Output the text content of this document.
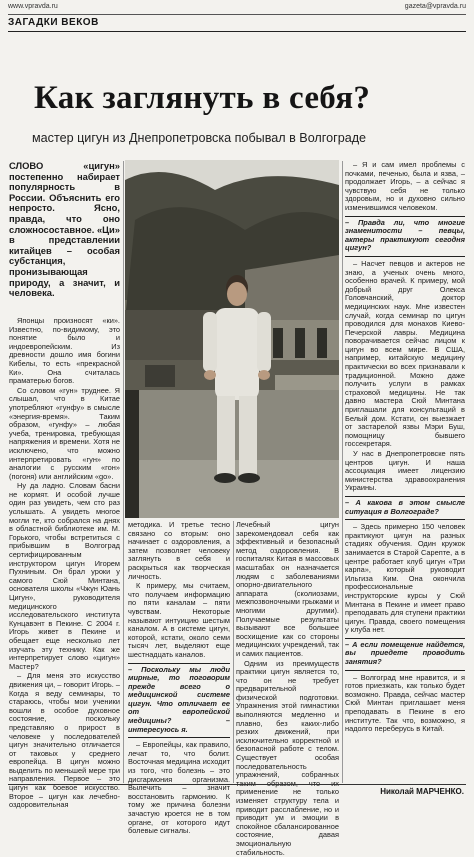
www.vpravda.ru	gazeta@vpravda.ru
ЗАГАДКИ ВЕКОВ
Как заглянуть в себя?
мастер цигун из Днепропетровска побывал в Волгограде

СЛОВО «цигун» постепенно набирает популярность в России. Объяснить его непросто. Ясно, правда, что оно сложносоставное. «Ци» в представлении китайцев – особая субстанция, пронизывающая природу, а значит, и человека.

Японцы произносят «ки». Известно, по-видимому, это понятие было и индоевропейским. Из древности дошло имя богини Кибелы, то есть «прекрасной Ки». Она считалась праматерью богов.

Со словом «гун» труднее. Я слышал, что в Китае употребляют «гунфу» в смысле «энергия-время». Таким образом, «гунфу» – любая учеба, тренировка, требующая напряжения и времени. Хотя не исключено, что можно интерпретировать «гун» по аналогии с русским «гон» (погоня) или английским «go».

Ну да ладно. Словам басни не кормят. И особой лучше один раз увидеть, чем сто раз услышать. А увидеть многое могли те, кто собрался на днях в областной библиотеке им. М. Горького, чтобы встретиться с прибывшим в Волгоград сертифицированным инструктором цигун Игорем Пухниным. Он брал уроки у самого Сюй Минтана, основателя школы «Чжун Юань Цигун», руководителя медицинского исследовательского института Кунцавэнт в Пекине. С 2004 г. Игорь живет в Пекине и обещает еще несколько лет изучать эту технику. Как же интерпретирует слово «цигун» Мастер?

– Для меня это искусство движения ци, – говорит Игорь. – Когда я веду семинары, то стараюсь, чтобы мои ученики вошли в особое духовное состояние, поскольку представляю о прирост в человеке у последователей цигун значительно отличается от таковых у среднего европейца. В цигун можно выделить по меньшей мере три направления. Первое – это цигун как боевое искусство. Второе – цигун как лечебно-оздоровительная

методика. И третье тесно связано со вторым: оно начинает с оздоровления, а затем позволяет человеку заглянуть в себя и раскрыться как творческая личность.

К примеру, мы считаем, что получаем информацию по пяти каналам – пяти чувствам. Некоторые называют интуицию шестым каналом. А в системе цигун, которой, кстати, около семи тысяч лет, выделяют еще шестнадцать каналов.

– Поскольку мы люди мирные, то поговорим прежде всего о медицинской системе цигун. Что отличает ее от европейской медицины? – интересуюсь я.

– Европейцы, как правило, лечат то, что болит. Восточная медицина исходит из того, что болезнь – это дисгармония организма. Вылечить – значит восстановить гармонию. К тому же причина болезни зачастую кроется не в том органе, от которого идут болевые сигналы.

Лечебный цигун зарекомендовал себя как эффективный и безопасный метод оздоровления. В госпиталях Китая в массовых масштабах он назначается людям с заболеваниями опорно-двигательного аппарата (сколиозами, межпозвоночными грыжами и многими другими). Получаемые результаты вызывают все большее восхищение как со стороны медицинских учреждений, так и самих пациентов.

Одним из преимуществ практики цигун является то, что он не требует предварительной физической подготовки. Упражнения этой гимнастики выполняются медленно и плавно, без каких-либо резких движений, при исключительно корректной и безопасной работе с телом. Существует особая последовательность упражнений, собранных таким образом, что их применение не только изменяет структуру тела и приводит расслабление, но и приводит ум и эмоции в спокойное сбалансированное состояние, давая эмоциональную стабильность.

– Я и сам имел проблемы с почками, печенью, была и язва, – продолжает Игорь, – а сейчас я чувствую себя не только здоровым, но и духовно сильно изменившимся человеком.

– Правда ли, что многие знаменитости – певцы, актеры практикуют сегодня цигун?

– Насчет певцов и актеров не знаю, а ученых очень много, особенно врачей. К примеру, мой добрый друг Олекса Головчанский, доктор медицинских наук. Мне известен случай, когда семинар по цигун проводился для монахов Киево-Печерской лавры. Медицина поворачивается сейчас лицом к цигун во всем мире. В США, например, китайскую медицину практически во всех признавали к традиционной. Можно даже получить услуги в рамках страховой медицины. Не так давно мастера Сюй Минтана приглашали для консультаций в Белый дом. Кстати, он выезжает от застарелой язвы Мэри Буш, помощницу бывшего госсекретаря.

У нас в Днепропетровске пять центров цигун. И наша ассоциация имеет лицензию министерства здравоохранения Украины.

– А какова в этом смысле ситуация в Волгограде?

– Здесь примерно 150 человек практикуют цигун на разных стадиях обучения. Один кружок занимается в Старой Сарепте, а в центре работает клуб цигун «Три карпа», который руководит Ильгиза Ким. Она окончила профессиональные инструкторские курсы у Сюй Минтана в Пекине и имеет право преподавать для ступени практики цигун. Правда, своего помещения у клуба нет.

– А если помещение найдется, вы приедете проводить занятия?

– Волгоград мне нравится, и я готов приезжать, как только будет возможно. Правда, сейчас мастер Сюй Минтан приглашает меня преподавать в Пекине в его институте. Так что, возможно, я надолго переберусь в Китай.

Николай МАРЧЕНКО.
